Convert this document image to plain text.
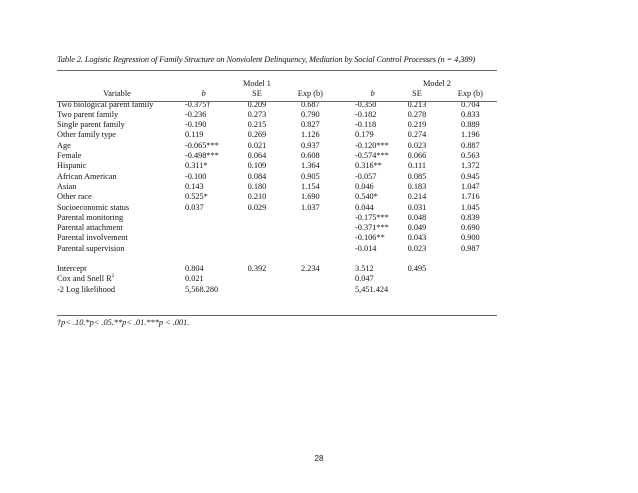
Table 2. Logistic Regression of Family Structure on Nonviolent Delinquency, Mediation by Social Control Processes (n = 4,389)
	Model 1			Model 2		
Variable	b	SE	Exp (b)	b	SE	Exp (b)
Two biological parent family	-0.375†	0.209	0.687	-0.350	0.213	0.704
Two parent family	-0.236	0.273	0.790	-0.182	0.278	0.833
Single parent family	-0.190	0.215	0.827	-0.118	0.219	0.889
Other family type	0.119	0.269	1.126	0.179	0.274	1.196
Age	-0.065***	0.021	0.937	-0.120***	0.023	0.887
Female	-0.498***	0.064	0.608	-0.574***	0.066	0.563
Hispanic	0.311*	0.109	1.364	0.316**	0.111	1.372
African American	-0.100	0.084	0.905	-0.057	0.085	0.945
Asian	0.143	0.180	1.154	0.046	0.183	1.047
Other race	0.525*	0.210	1.690	0.540*	0.214	1.716
Socioeconomic status	0.037	0.029	1.037	0.044	0.031	1.045
Parental monitoring				-0.175***	0.048	0.839
Parental attachment				-0.371***	0.049	0.690
Parental involvement				-0.106**	0.043	0.900
Parental supervision				-0.014	0.023	0.987

Intercept	0.804	0.392	2.234	3.512	0.495	
Cox and Snell $R^2$	0.021			0.047		
-2 Log likelihood	5,568.280			5,451.424		
†p< .10.*p< .05.**p< .01.***p < .001.
28
